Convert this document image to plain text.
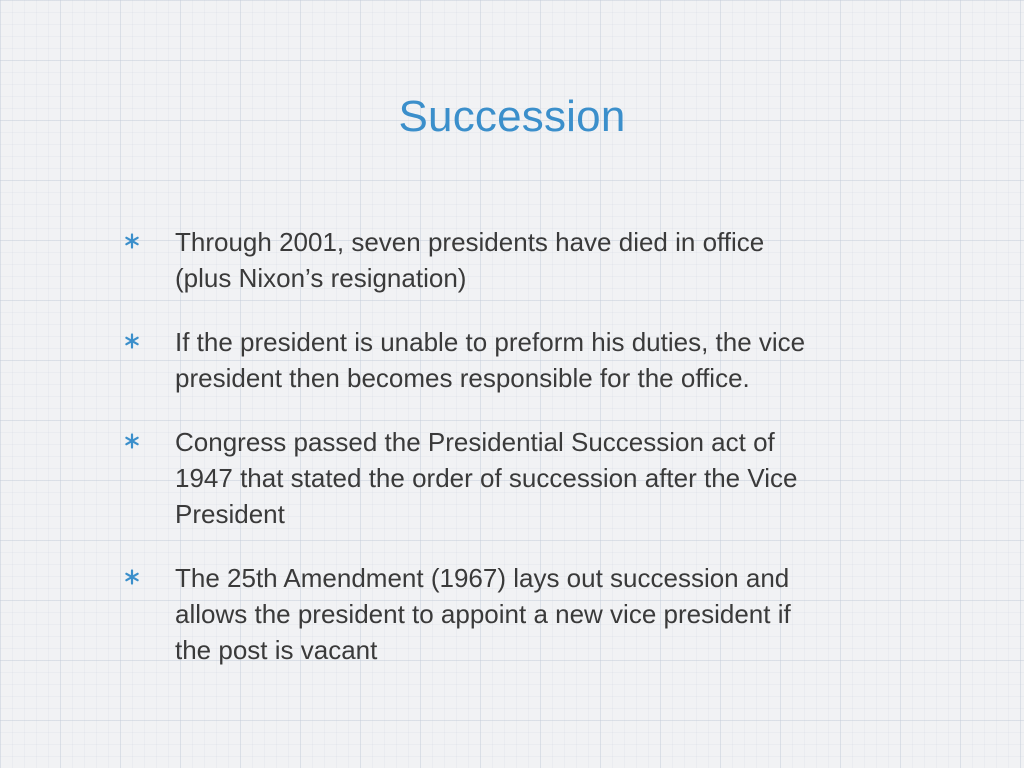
Succession
Through 2001, seven presidents have died in office
(plus Nixon’s resignation)
If the president is unable to preform his duties, the vice
president then becomes responsible for the office.
Congress passed the Presidential Succession act of
1947 that stated the order of succession after the Vice
President
The 25th Amendment (1967) lays out succession and
allows the president to appoint a new vice president if
the post is vacant
